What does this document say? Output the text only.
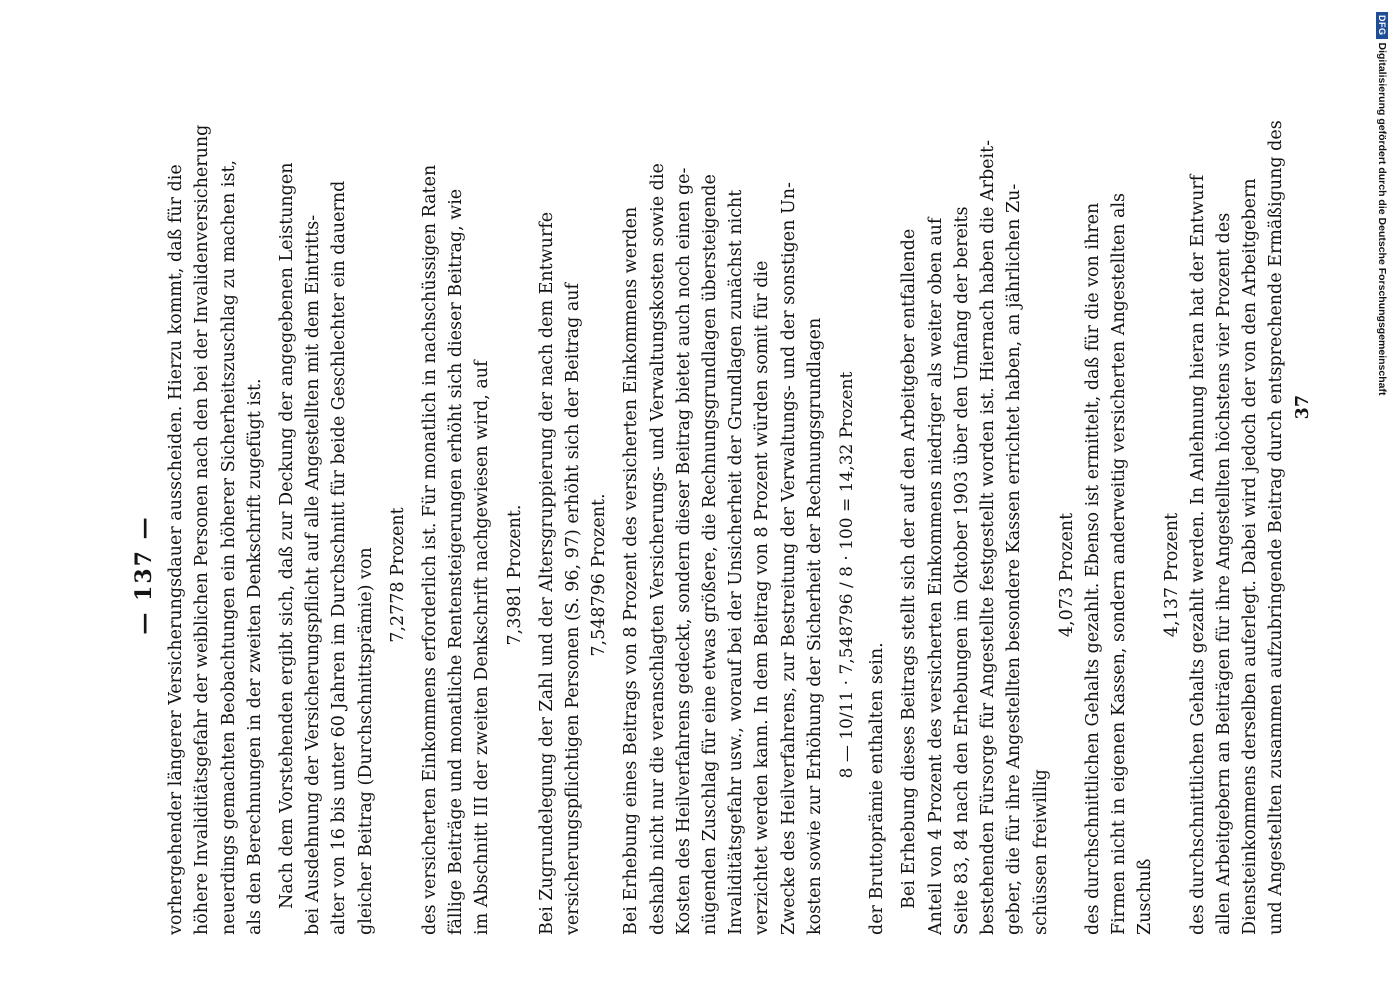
— 137 — vorhergehender längerer Versicherungsdauer ausscheiden. Hierzu kommt, daß für die höhere Invaliditätsgefahr der weiblichen Personen nach den bei der Invalidenversicherung neuerdings gemachten Beobachtungen ein höherer Sicherheitszuschlag zu machen ist, als den Berechnungen in der zweiten Denkschrift zugefügt ist. Nach dem Vorstehenden ergibt sich, daß zur Deckung der angegebenen Leistungen bei Ausdehnung der Versicherungspflicht auf alle Angestellten mit dem Eintritts- alter von 16 bis unter 60 Jahren im Durchschnitt für beide Geschlechter ein dauernd gleicher Beitrag (Durchschnittsprämie) von 7,2778 Prozent des versicherten Einkommens erforderlich ist. Für monatlich in nachschüssigen Raten fällige Beiträge und monatliche Rentensteigerungen erhöht sich dieser Beitrag, wie im Abschnitt III der zweiten Denkschrift nachgewiesen wird, auf 7,3981 Prozent. Bei Zugrundelegung der Zahl und der Altersgruppierung der nach dem Entwurfe versicherungspflichtigen Personen (S. 96, 97) erhöht sich der Beitrag auf 7,548796 Prozent. Bei Erhebung eines Beitrags von 8 Prozent des versicherten Einkommens werden deshalb nicht nur die veranschlagten Versicherungs- und Verwaltungskosten sowie die Kosten des Heilverfahrens gedeckt, sondern dieser Beitrag bietet auch noch einen ge- nügenden Zuschlag für eine etwas größere, die Rechnungsgrundlagen übersteigende Invaliditätsgefahr usw., worauf bei der Unsicherheit der Grundlagen zunächst nicht verzichtet werden kann. In dem Beitrag von 8 Prozent würden somit für die Zwecke des Heilverfahrens, zur Bestreitung der Verwaltungs- und der sonstigen Un- kosten sowie zur Erhöhung der Sicherheit der Rechnungsgrundlagen 8 — 10/11 · 7,548796 / 8 · 100 = 14,32 Prozent

der Bruttoprämie enthalten sein. Bei Erhebung dieses Beitrags stellt sich der auf den Arbeitgeber entfallende Anteil von 4 Prozent des versicherten Einkommens niedriger als weiter oben auf Seite 83, 84 nach den Erhebungen im Oktober 1903 über den Umfang der bereits bestehenden Fürsorge für Angestellte festgestellt worden ist. Hiernach haben die Arbeit- geber, die für ihre Angestellten besondere Kassen errichtet haben, an jährlichen Zu- schüssen freiwillig

4,073 Prozent des durchschnittlichen Gehalts gezahlt. Ebenso ist ermittelt, daß für die von ihren Firmen nicht in eigenen Kassen, sondern anderweitig versicherten Angestellten als Zuschuß

4,137 Prozent des durchschnittlichen Gehalts gezahlt werden. In Anlehnung hieran hat der Entwurf allen Arbeitgebern an Beiträgen für ihre Angestellten höchstens vier Prozent des Diensteinkommens derselben auferlegt. Dabei wird jedoch der von den Arbeitgebern und Angestellten zusammen aufzubringende Beitrag durch entsprechende Ermäßigung des 37
DFG
Digitalisierung gefördert durch die Deutsche Forschungsgemeinschaft
